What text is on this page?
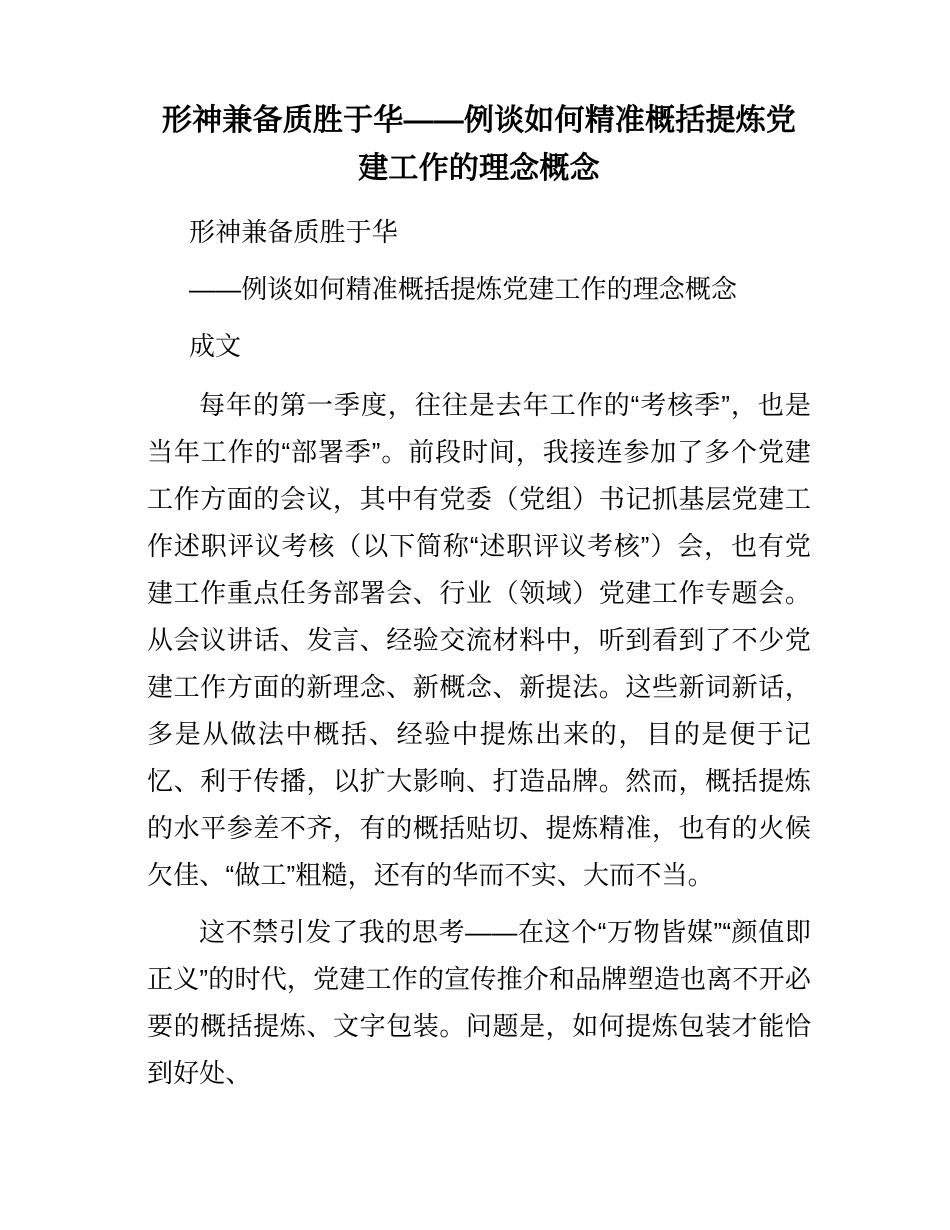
形神兼备质胜于华——例谈如何精准概括提炼党建工作的理念概念

形神兼备质胜于华

——例谈如何精准概括提炼党建工作的理念概念

成文

每年的第一季度，往往是去年工作的“考核季”，也是当年工作的“部署季”。前段时间，我接连参加了多个党建工作方面的会议，其中有党委（党组）书记抓基层党建工作述职评议考核（以下简称“述职评议考核”）会，也有党建工作重点任务部署会、行业（领域）党建工作专题会。从会议讲话、发言、经验交流材料中，听到看到了不少党建工作方面的新理念、新概念、新提法。这些新词新话，多是从做法中概括、经验中提炼出来的，目的是便于记忆、利于传播，以扩大影响、打造品牌。然而，概括提炼的水平参差不齐，有的概括贴切、提炼精准，也有的火候欠佳、“做工”粗糙，还有的华而不实、大而不当。

这不禁引发了我的思考——在这个“万物皆媒”“颜值即正义”的时代，党建工作的宣传推介和品牌塑造也离不开必要的概括提炼、文字包装。问题是，如何提炼包装才能恰到好处、
